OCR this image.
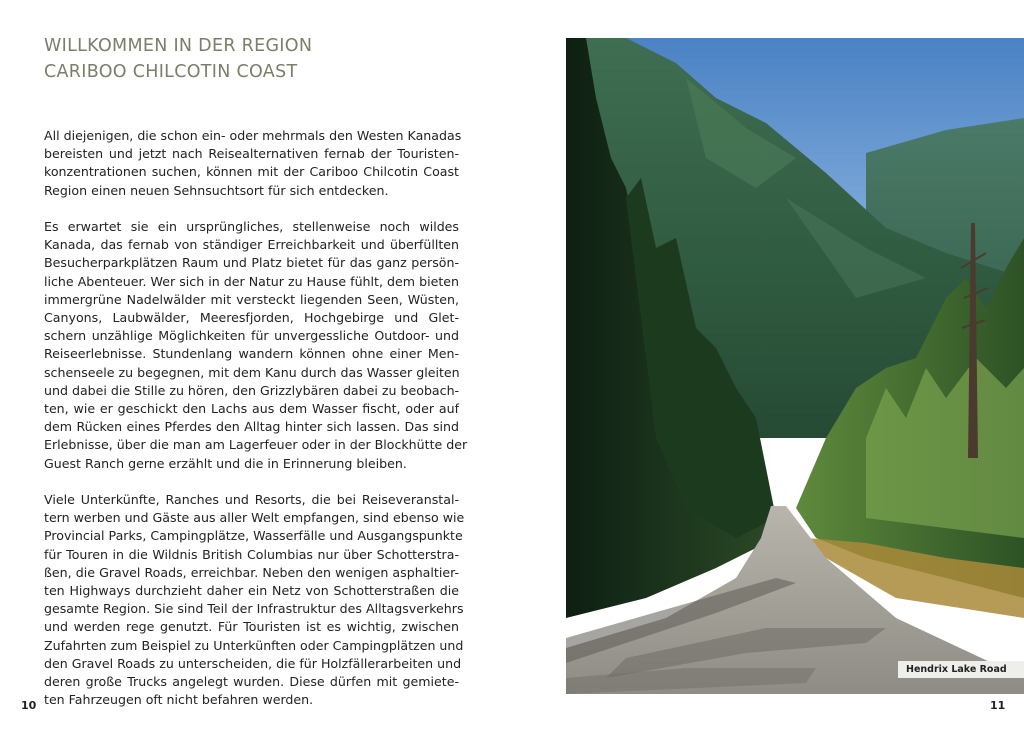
WILLKOMMEN IN DER REGION
CARIBOO CHILCOTIN COAST

All diejenigen, die schon ein- oder mehrmals den Westen Kanadas
bereisten und jetzt nach Reisealternativen fernab der Touristen-
konzentrationen suchen, können mit der Cariboo Chilcotin Coast
Region einen neuen Sehnsuchtsort für sich entdecken.

Es erwartet sie ein ursprüngliches, stellenweise noch wildes
Kanada, das fernab von ständiger Erreichbarkeit und überfüllten
Besucherparkplätzen Raum und Platz bietet für das ganz persön-
liche Abenteuer. Wer sich in der Natur zu Hause fühlt, dem bieten
immergrüne Nadelwälder mit versteckt liegenden Seen, Wüsten,
Canyons, Laubwälder, Meeresfjorden, Hochgebirge und Glet-
schern unzählige Möglichkeiten für unvergessliche Outdoor- und
Reiseerlebnisse. Stundenlang wandern können ohne einer Men-
schenseele zu begegnen, mit dem Kanu durch das Wasser gleiten
und dabei die Stille zu hören, den Grizzlybären dabei zu beobach-
ten, wie er geschickt den Lachs aus dem Wasser fischt, oder auf
dem Rücken eines Pferdes den Alltag hinter sich lassen. Das sind
Erlebnisse, über die man am Lagerfeuer oder in der Blockhütte der
Guest Ranch gerne erzählt und die in Erinnerung bleiben.

Viele Unterkünfte, Ranches und Resorts, die bei Reiseveranstal-
tern werben und Gäste aus aller Welt empfangen, sind ebenso wie
Provincial Parks, Campingplätze, Wasserfälle und Ausgangspunkte
für Touren in die Wildnis British Columbias nur über Schotterstra-
ßen, die Gravel Roads, erreichbar. Neben den wenigen asphaltier-
ten Highways durchzieht daher ein Netz von Schotterstraßen die
gesamte Region. Sie sind Teil der Infrastruktur des Alltagsverkehrs
und werden rege genutzt. Für Touristen ist es wichtig, zwischen
Zufahrten zum Beispiel zu Unterkünften oder Campingplätzen und
den Gravel Roads zu unterscheiden, die für Holzfällerarbeiten und
deren große Trucks angelegt wurden. Diese dürfen mit gemiete-
ten Fahrzeugen oft nicht befahren werden.

10
Hendrix Lake Road
11
